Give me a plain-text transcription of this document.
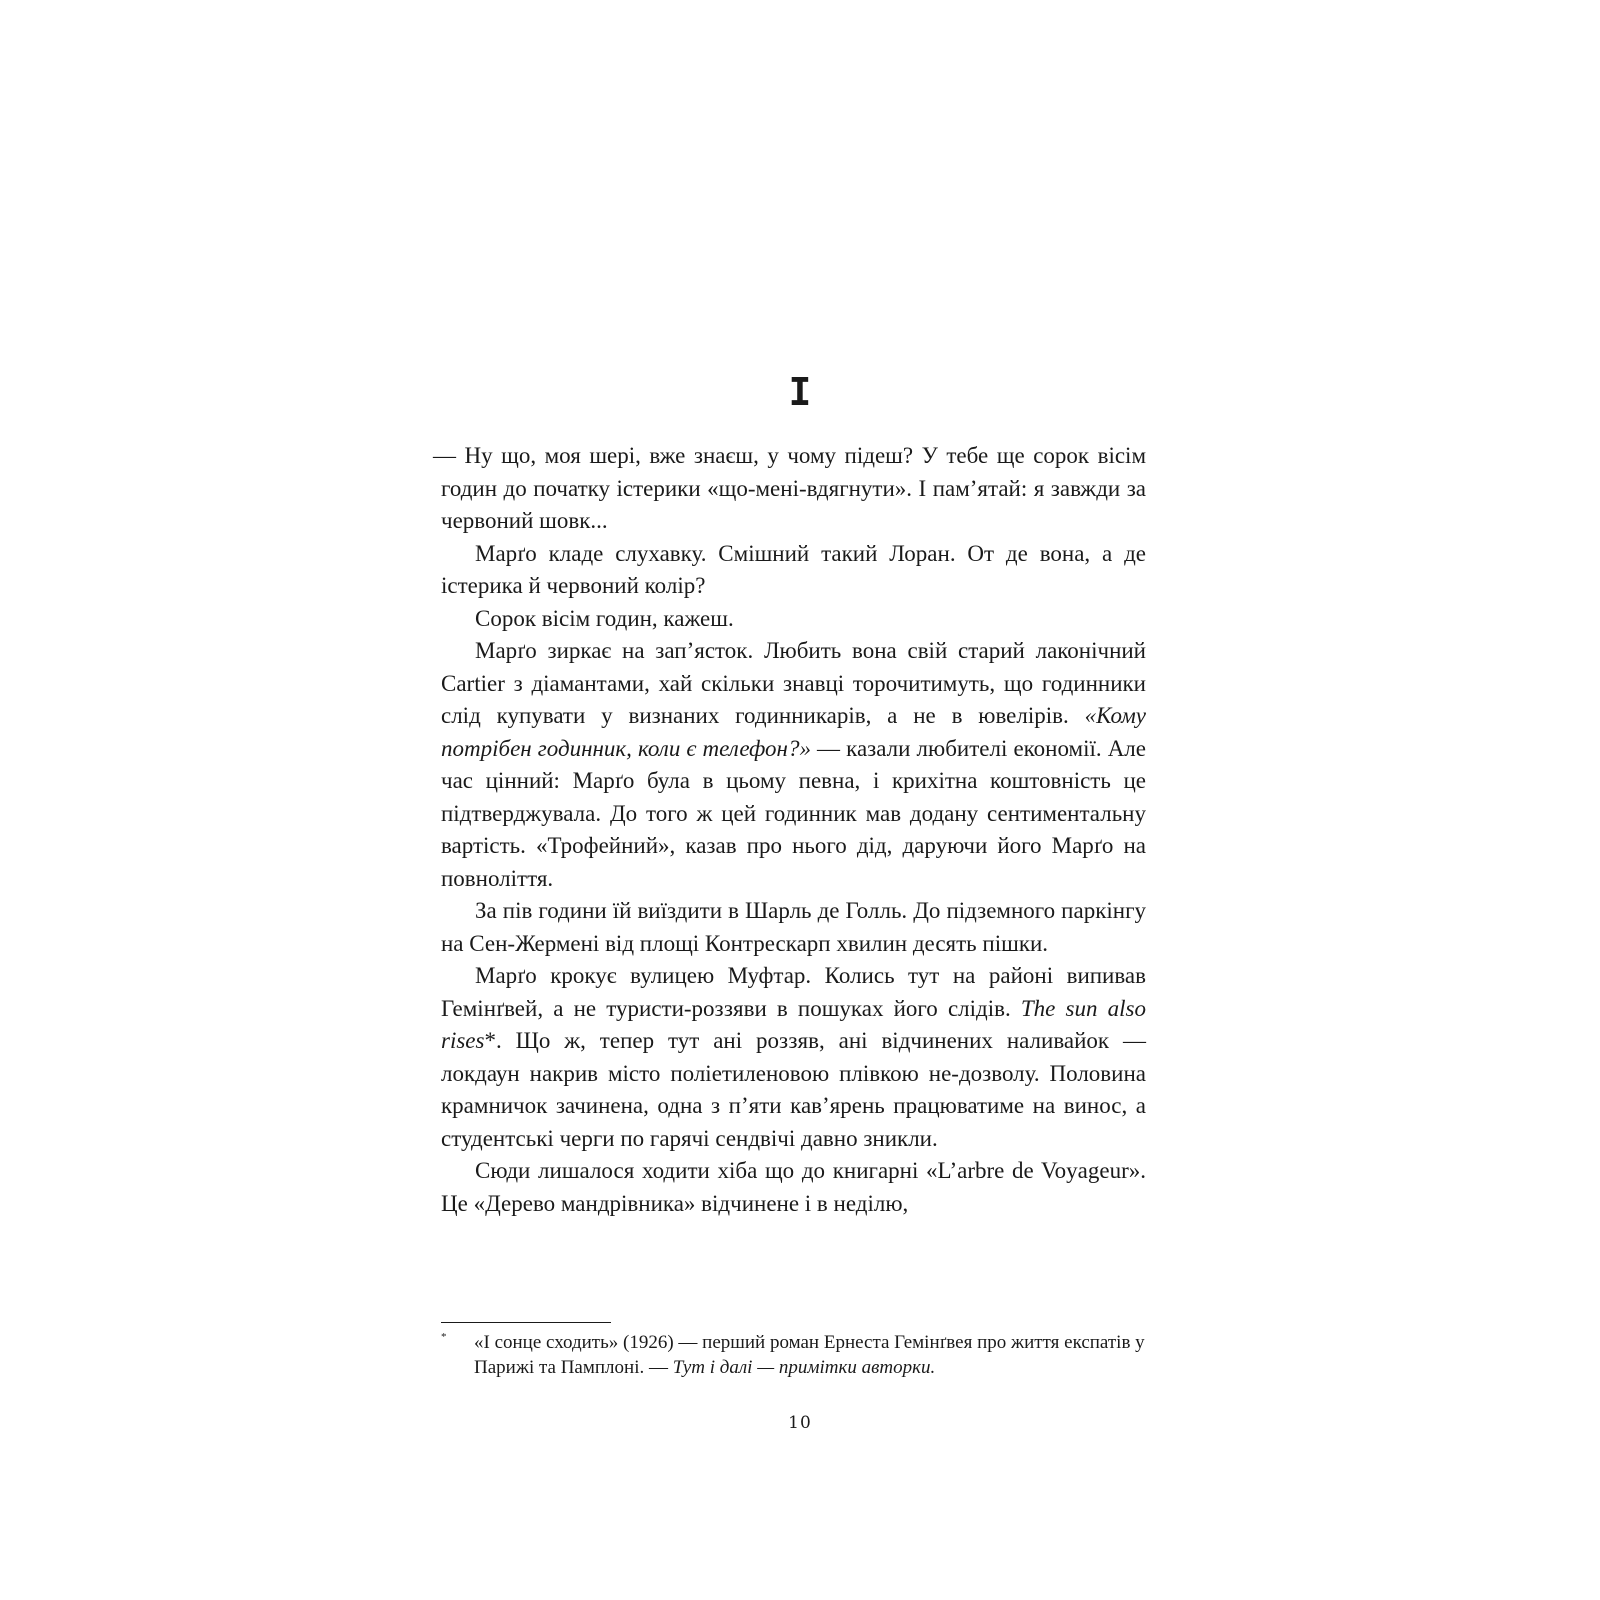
I

— Ну що, моя шері, вже знаєш, у чому підеш? У тебе ще сорок вісім годин до початку істерики «що-мені-вдягнути». І пам’ятай: я завжди за червоний шовк...

Марґо кладе слухавку. Смішний такий Лоран. От де вона, а де істерика й червоний колір?

Сорок вісім годин, кажеш.

Марґо зиркає на зап’ясток. Любить вона свій старий лаконічний Cartier з діамантами, хай скільки знавці торочитимуть, що годинники слід купувати у визнаних годинникарів, а не в ювелірів. «Кому потрібен годинник, коли є телефон?» — казали любителі економії. Але час цінний: Марґо була в цьому певна, і крихітна коштовність це підтверджувала. До того ж цей годинник мав додану сентиментальну вартість. «Трофейний», казав про нього дід, даруючи його Марґо на повноліття.

За пів години їй виїздити в Шарль де Голль. До підземного паркінгу на Сен-Жермені від площі Контрескарп хвилин десять пішки.

Марґо крокує вулицею Муфтар. Колись тут на районі випивав Гемінґвей, а не туристи-роззяви в пошуках його слідів. The sun also rises*. Що ж, тепер тут ані роззяв, ані відчинених наливайок — локдаун накрив місто поліетиленовою плівкою не-дозволу. Половина крамничок зачинена, одна з п’яти кав’ярень працюватиме на винос, а студентські черги по гарячі сендвічі давно зникли.

Сюди лишалося ходити хіба що до книгарні «L’arbre de Voyageur». Це «Дерево мандрівника» відчинене і в неділю,

* «І сонце сходить» (1926) — перший роман Ернеста Гемінґвея про життя експатів у Парижі та Памплоні. — Тут і далі — примітки авторки.
10
